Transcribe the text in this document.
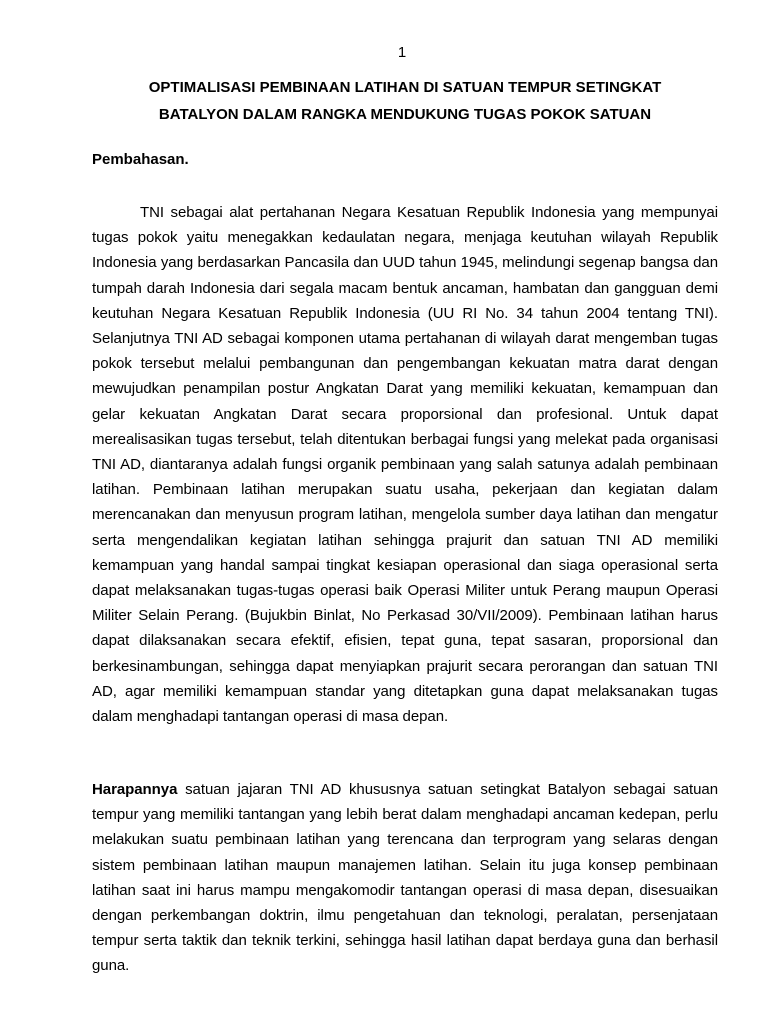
1
OPTIMALISASI PEMBINAAN LATIHAN DI SATUAN TEMPUR SETINGKAT
BATALYON DALAM RANGKA MENDUKUNG TUGAS POKOK SATUAN
Pembahasan.

TNI sebagai alat pertahanan Negara Kesatuan Republik Indonesia yang mempunyai tugas pokok yaitu menegakkan kedaulatan negara, menjaga keutuhan wilayah Republik Indonesia yang berdasarkan Pancasila dan UUD tahun 1945, melindungi segenap bangsa dan tumpah darah Indonesia dari segala macam bentuk ancaman, hambatan dan gangguan demi keutuhan Negara Kesatuan Republik Indonesia (UU RI No. 34 tahun 2004 tentang TNI). Selanjutnya TNI AD sebagai komponen utama pertahanan di wilayah darat mengemban tugas pokok tersebut melalui pembangunan dan pengembangan kekuatan matra darat dengan mewujudkan penampilan postur Angkatan Darat yang memiliki kekuatan, kemampuan dan gelar kekuatan Angkatan Darat secara proporsional dan profesional. Untuk dapat merealisasikan tugas tersebut, telah ditentukan berbagai fungsi yang melekat pada organisasi TNI AD, diantaranya adalah fungsi organik pembinaan yang salah satunya adalah pembinaan latihan. Pembinaan latihan merupakan suatu usaha, pekerjaan dan kegiatan dalam merencanakan dan menyusun program latihan, mengelola sumber daya latihan dan mengatur serta mengendalikan kegiatan latihan sehingga prajurit dan satuan TNI AD memiliki kemampuan yang handal sampai tingkat kesiapan operasional dan siaga operasional serta dapat melaksanakan tugas-tugas operasi baik Operasi Militer untuk Perang maupun Operasi Militer Selain Perang. (Bujukbin Binlat, No Perkasad 30/VII/2009). Pembinaan latihan harus dapat dilaksanakan secara efektif, efisien, tepat guna, tepat sasaran, proporsional dan berkesinambungan, sehingga dapat menyiapkan prajurit secara perorangan dan satuan TNI AD, agar memiliki kemampuan standar yang ditetapkan guna dapat melaksanakan tugas dalam menghadapi tantangan operasi di masa depan.

Harapannya satuan jajaran TNI AD khususnya satuan setingkat Batalyon sebagai satuan tempur yang memiliki tantangan yang lebih berat dalam menghadapi ancaman kedepan, perlu melakukan suatu pembinaan latihan yang terencana dan terprogram yang selaras dengan sistem pembinaan latihan maupun manajemen latihan. Selain itu juga konsep pembinaan latihan saat ini harus mampu mengakomodir tantangan operasi di masa depan, disesuaikan dengan perkembangan doktrin, ilmu pengetahuan dan teknologi, peralatan, persenjataan tempur serta taktik dan teknik terkini, sehingga hasil latihan dapat berdaya guna dan berhasil guna.
